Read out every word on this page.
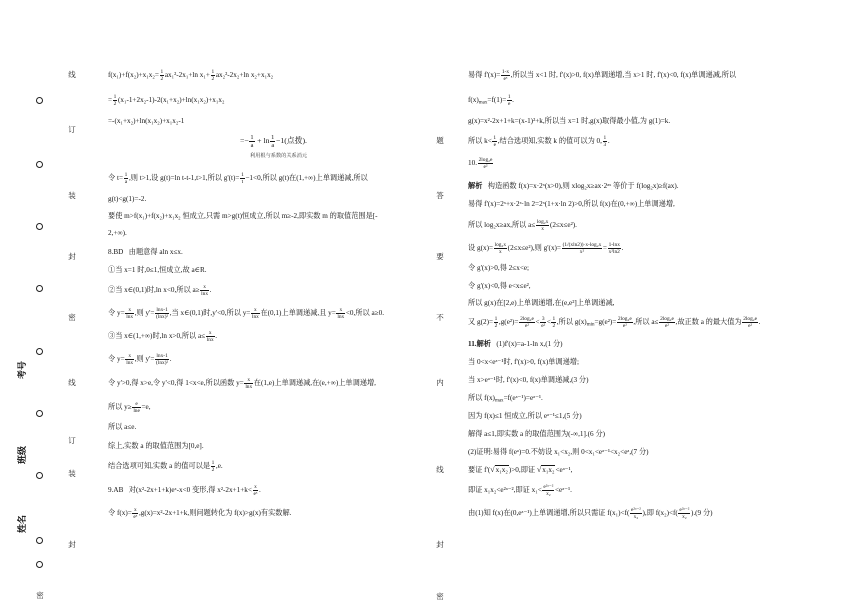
线
订
装
封
密
线
订
装
封
密
考号
班级
姓名
题
答
要
不
内
线
封
密
$f(x_1)+f(x_2)+x_1x_2= \frac{1}{2} ax_1^2-2x_1+\ln$ $x_1+ \frac{1}{2} ax_2^2-2x_2+\ln$ x₂+x₁x₂
= $\frac{1}{2} (x_1-1+2x_2-1)-2(x_1+x_2)+\ln(x_1x_2)+x_1x_2$
=-(x₁+x₂)+ln(x₁x₂)+x₁x₂-1
=− $\frac{1}{a} + \ln \frac{1}{a} -1$(点拨).
利用根与系数的关系消元
令 $t= \frac{1}{a}$ ,则 t>1,设 g(t)=ln t-t-1,t>1,所以 $g'(t)= \frac{1}{t} -1<0$,所以 g(t)在(1,+∞)上单调递减,所以
g(t)<g(1)=-2.
要使 m>f(x₁)+f(x₂)+x₁x₂ 恒成立,只需 m>g(t)恒成立,所以 m≥-2,即实数 m 的取值范围是[-
2,+∞).
8.BD   由题意得 aln x≤x.
①当 x=1 时,0≤1,恒成立,故 a∈R.
②当 x∈(0,1)时,ln x<0,所以 $a\ge \frac{x}{\ln x}$ .
令 $y= \frac{x}{\ln x}$ ,则 $y'= \frac{\ln x-1}{\text{(lnx)²}}$ ,当 x∈(0,1)时,y'<0,所以 $y= \frac{x}{\ln x}$ 在(0,1)上单调递减,且 $y= \frac{x}{\ln x} <0$,所以 a≥0.
③当 x∈(1,+∞)时,ln x>0,所以 $a\le \frac{x}{\ln x}$ .
令 $y= \frac{x}{\ln x}$ ,则 $y'= \frac{\ln x-1}{\text{(lnx)²}}$ .
令 y'>0,得 x>e,令 y'<0,得 1<x<e,所以函数 $y= \frac{x}{\ln x}$ 在(1,e)上单调递减,在(e,+∞)上单调递增,
所以 $y\ge \frac{e}{\ln e} =e$,
所以 a≤e.
综上,实数 a 的取值范围为[0,e].
结合选项可知,实数 a 的值可以是 $\frac{1}{2} ,e$.
9.AB   对(x²-2x+1+k)eˣ-x<0 变形,得 $x^2-2x+1+k< \frac{x}{\text{eˣ}}$ .
令 $f(x)= \frac{x}{\text{eˣ}} ,g(x)=x^2-2x+1+k$,则问题转化为 f(x)>g(x)有实数解.
易得 $f'(x)= \frac{1-x}{\text{eˣ}}$ ,所以当 x<1 时, f'(x)>0, f(x)单调递增,当 x>1 时, f'(x)<0, f(x)单调递减,所以
$f(x)_{max}=f(1)= \frac{1}{e}$ .
g(x)=x²-2x+1+k=(x-1)²+k,所以当 x=1 时,g(x)取得最小值,为 g(1)=k.
所以 $k< \frac{1}{e}$ ,结合选项知,实数 k 的值可以为 0, $\frac{1}{3}$ .
10. $\frac{\text{2log₂e}}{\text{e²}}$
解析   构造函数 f(x)=x·2ˣ(x>0),则 xlog₂x≥ax·2ᵃˣ 等价于 f(log₂x)≥f(ax).
易得 f'(x)=2ˣ+x·2ˣ·ln 2=2ˣ(1+x·ln 2)>0,所以 f(x)在(0,+∞)上单调递增,
所以 log₂x≥ax,所以 $a\le \frac{\text{log₂x}}{x} (2\le x\le e^2)$.
设 $g(x)= \frac{\text{log₂x}}{x} (2\le x\le e^2)$,则 $g'(x)= \frac{\text{(1/(xln2))·x-log₂x}}{\text{x²}} = \frac{1-\ln x}{\text{x²ln2}}$ .
令 g'(x)>0,得 2≤x<e;
令 g'(x)<0,得 e<x≤e²,
所以 g(x)在[2,e)上单调递增,在(e,e²]上单调递减,
又 $g(2)= \frac{1}{2} ,g(e^2)= \frac{\text{2log₂e}}{\text{e²}} < \frac{3}{\text{e²}} < \frac{1}{2}$ ,所以 $g(x)_{min}=g(e^2)= \frac{\text{2log₂e}}{\text{e²}}$ ,所以 $a\le \frac{\text{2log₂e}}{\text{e²}}$ ,故正数 a 的最大值为 $\frac{\text{2log₂e}}{\text{e²}}$ .
11.解析   (1)f'(x)=a-1-ln x,(1 分)
当 0<x<eᵃ⁻¹时, f'(x)>0, f(x)单调递增;
当 x>eᵃ⁻¹时, f'(x)<0, f(x)单调递减,(3 分)
所以 $f(x)_{max}=f(eᵃ^{-1})=eᵃ^{-1}$.
因为 f(x)≤1 恒成立,所以 eᵃ⁻¹≤1,(5 分)
解得 a≤1,即实数 a 的取值范围为(-∞,1].(6 分)
(2)证明:易得 f(eᵃ)=0.不妨设 x₁<x₂,则 0<x₁<eᵃ⁻¹<x₂<eᵃ,(7 分)
要证 f'(√x₁x₂)>0,即证 √x₁x₂<eᵃ⁻¹,
即证 x₁x₂<e²ᵃ⁻²,即证 $x_1< \frac{\text{e²ᵃ⁻²}}{\text{x₂}}$ <eᵃ⁻¹.
由(1)知 f(x)在(0,eᵃ⁻¹)上单调递增,所以只需证 $f(x_1)<f( \frac{\text{e²ᵃ⁻²}}{\text{x₂}}$ ),即 $f(x_2)<f( \frac{\text{e²ᵃ⁻²}}{\text{x₂}} ).(9$ 分)
